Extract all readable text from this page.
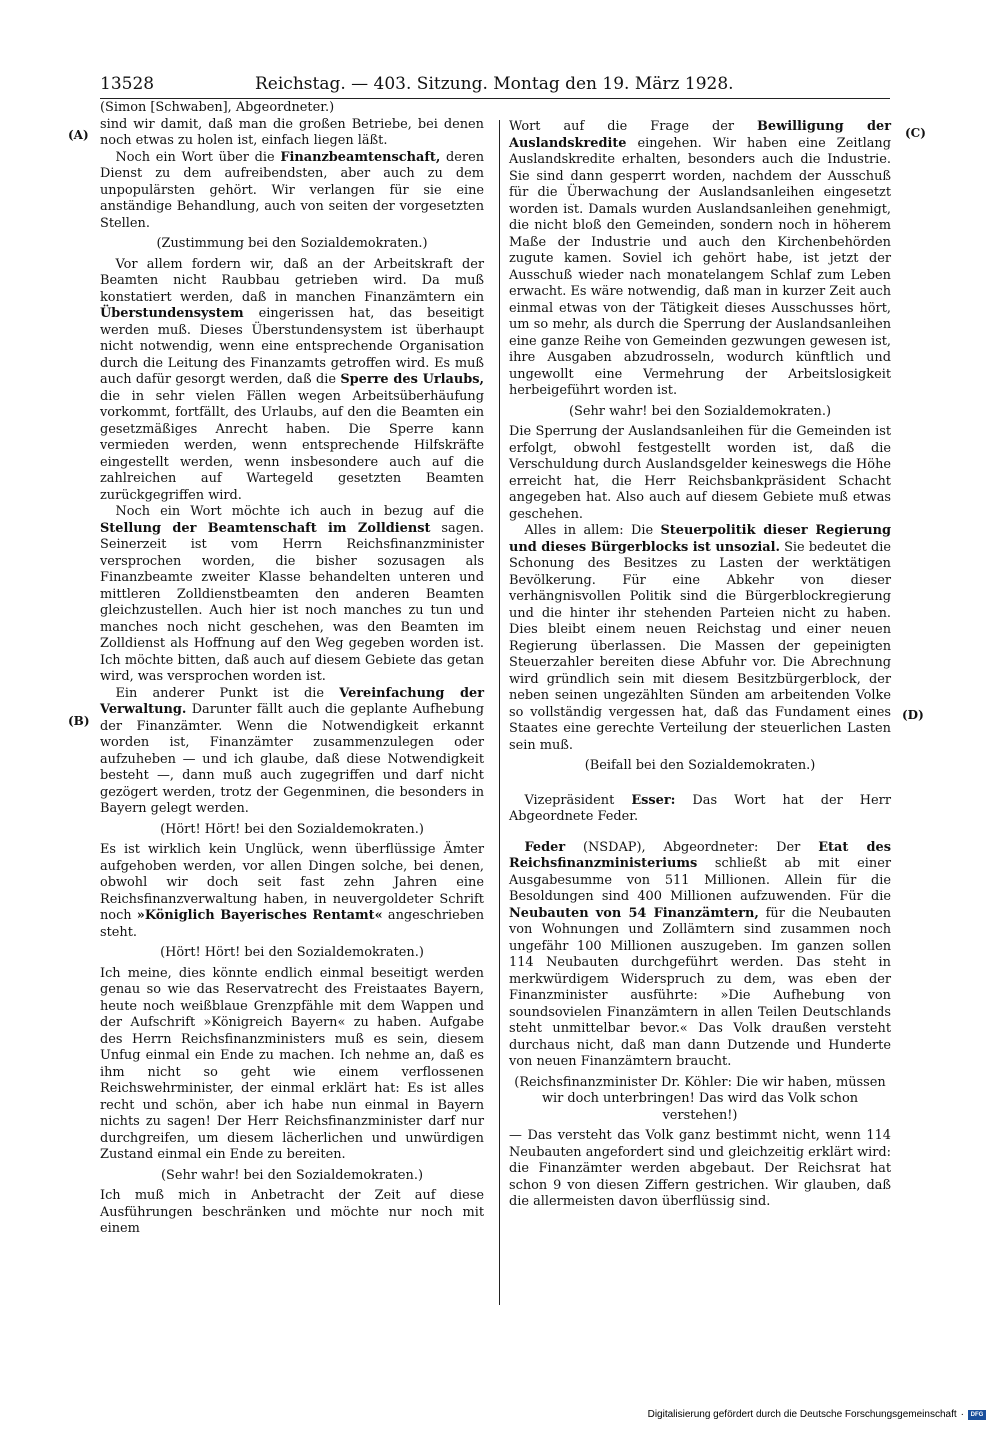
13528	Reichstag. — 403. Sitzung. Montag den 19. März 1928.
(A)
(B)
(C)
(D)

(Simon [Schwaben], Abgeordneter.)

sind wir damit, daß man die großen Betriebe, bei denen noch etwas zu holen ist, einfach liegen läßt.

Noch ein Wort über die Finanzbeamtenschaft, deren Dienst zu dem aufreibendsten, aber auch zu dem unpopulärsten gehört. Wir verlangen für sie eine anständige Behandlung, auch von seiten der vorgesetzten Stellen.

(Zustimmung bei den Sozialdemokraten.)

Vor allem fordern wir, daß an der Arbeitskraft der Beamten nicht Raubbau getrieben wird. Da muß konstatiert werden, daß in manchen Finanzämtern ein Überstundensystem eingerissen hat, das beseitigt werden muß. Dieses Überstundensystem ist überhaupt nicht notwendig, wenn eine entsprechende Organisation durch die Leitung des Finanzamts getroffen wird. Es muß auch dafür gesorgt werden, daß die Sperre des Urlaubs, die in sehr vielen Fällen wegen Arbeitsüberhäufung vorkommt, fortfällt, des Urlaubs, auf den die Beamten ein gesetzmäßiges Anrecht haben. Die Sperre kann vermieden werden, wenn entsprechende Hilfskräfte eingestellt werden, wenn insbesondere auch auf die zahlreichen auf Wartegeld gesetzten Beamten zurückgegriffen wird.

Noch ein Wort möchte ich auch in bezug auf die Stellung der Beamtenschaft im Zolldienst sagen. Seinerzeit ist vom Herrn Reichsfinanzminister versprochen worden, die bisher sozusagen als Finanzbeamte zweiter Klasse behandelten unteren und mittleren Zolldienstbeamten den anderen Beamten gleichzustellen. Auch hier ist noch manches zu tun und manches noch nicht geschehen, was den Beamten im Zolldienst als Hoffnung auf den Weg gegeben worden ist. Ich möchte bitten, daß auch auf diesem Gebiete das getan wird, was versprochen worden ist.

Ein anderer Punkt ist die Vereinfachung der Verwaltung. Darunter fällt auch die geplante Aufhebung der Finanzämter. Wenn die Notwendigkeit erkannt worden ist, Finanzämter zusammenzulegen oder aufzuheben — und ich glaube, daß diese Notwendigkeit besteht —, dann muß auch zugegriffen und darf nicht gezögert werden, trotz der Gegenminen, die besonders in Bayern gelegt werden.

(Hört! Hört! bei den Sozialdemokraten.)

Es ist wirklich kein Unglück, wenn überflüssige Ämter aufgehoben werden, vor allen Dingen solche, bei denen, obwohl wir doch seit fast zehn Jahren eine Reichsfinanzverwaltung haben, in neuvergoldeter Schrift noch »Königlich Bayerisches Rentamt« angeschrieben steht.

(Hört! Hört! bei den Sozialdemokraten.)

Ich meine, dies könnte endlich einmal beseitigt werden genau so wie das Reservatrecht des Freistaates Bayern, heute noch weißblaue Grenzpfähle mit dem Wappen und der Aufschrift »Königreich Bayern« zu haben. Aufgabe des Herrn Reichsfinanzministers muß es sein, diesem Unfug einmal ein Ende zu machen. Ich nehme an, daß es ihm nicht so geht wie einem verflossenen Reichswehrminister, der einmal erklärt hat: Es ist alles recht und schön, aber ich habe nun einmal in Bayern nichts zu sagen! Der Herr Reichsfinanzminister darf nur durchgreifen, um diesem lächerlichen und unwürdigen Zustand einmal ein Ende zu bereiten.

(Sehr wahr! bei den Sozialdemokraten.)

Ich muß mich in Anbetracht der Zeit auf diese Ausführungen beschränken und möchte nur noch mit einem

Wort auf die Frage der Bewilligung der Auslandskredite eingehen. Wir haben eine Zeitlang Auslandskredite erhalten, besonders auch die Industrie. Sie sind dann gesperrt worden, nachdem der Ausschuß für die Überwachung der Auslandsanleihen eingesetzt worden ist. Damals wurden Auslandsanleihen genehmigt, die nicht bloß den Gemeinden, sondern noch in höherem Maße der Industrie und auch den Kirchenbehörden zugute kamen. Soviel ich gehört habe, ist jetzt der Ausschuß wieder nach monatelangem Schlaf zum Leben erwacht. Es wäre notwendig, daß man in kurzer Zeit auch einmal etwas von der Tätigkeit dieses Ausschusses hört, um so mehr, als durch die Sperrung der Auslandsanleihen eine ganze Reihe von Gemeinden gezwungen gewesen ist, ihre Ausgaben abzudrosseln, wodurch künftlich und ungewollt eine Vermehrung der Arbeitslosigkeit herbeigeführt worden ist.

(Sehr wahr! bei den Sozialdemokraten.)

Die Sperrung der Auslandsanleihen für die Gemeinden ist erfolgt, obwohl festgestellt worden ist, daß die Verschuldung durch Auslandsgelder keineswegs die Höhe erreicht hat, die Herr Reichsbankpräsident Schacht angegeben hat. Also auch auf diesem Gebiete muß etwas geschehen.

Alles in allem: Die Steuerpolitik dieser Regierung und dieses Bürgerblocks ist unsozial. Sie bedeutet die Schonung des Besitzes zu Lasten der werktätigen Bevölkerung. Für eine Abkehr von dieser verhängnisvollen Politik sind die Bürgerblockregierung und die hinter ihr stehenden Parteien nicht zu haben. Dies bleibt einem neuen Reichstag und einer neuen Regierung überlassen. Die Massen der gepeinigten Steuerzahler bereiten diese Abfuhr vor. Die Abrechnung wird gründlich sein mit diesem Besitzbürgerblock, der neben seinen ungezählten Sünden am arbeitenden Volke so vollständig vergessen hat, daß das Fundament eines Staates eine gerechte Verteilung der steuerlichen Lasten sein muß.

(Beifall bei den Sozialdemokraten.)

Vizepräsident Esser: Das Wort hat der Herr Abgeordnete Feder.

Feder (NSDAP), Abgeordneter: Der Etat des Reichsfinanzministeriums schließt ab mit einer Ausgabesumme von 511 Millionen. Allein für die Besoldungen sind 400 Millionen aufzuwenden. Für die Neubauten von 54 Finanzämtern, für die Neubauten von Wohnungen und Zollämtern sind zusammen noch ungefähr 100 Millionen auszugeben. Im ganzen sollen 114 Neubauten durchgeführt werden. Das steht in merkwürdigem Widerspruch zu dem, was eben der Finanzminister ausführte: »Die Aufhebung von soundsovielen Finanzämtern in allen Teilen Deutschlands steht unmittelbar bevor.« Das Volk draußen versteht durchaus nicht, daß man dann Dutzende und Hunderte von neuen Finanzämtern braucht.

(Reichsfinanzminister Dr. Köhler: Die wir haben, müssen wir doch unterbringen! Das wird das Volk schon verstehen!)

— Das versteht das Volk ganz bestimmt nicht, wenn 114 Neubauten angefordert sind und gleichzeitig erklärt wird: die Finanzämter werden abgebaut. Der Reichsrat hat schon 9 von diesen Ziffern gestrichen. Wir glauben, daß die allermeisten davon überflüssig sind.

Digitalisierung gefördert durch die Deutsche Forschungsgemeinschaft ·	DFG
